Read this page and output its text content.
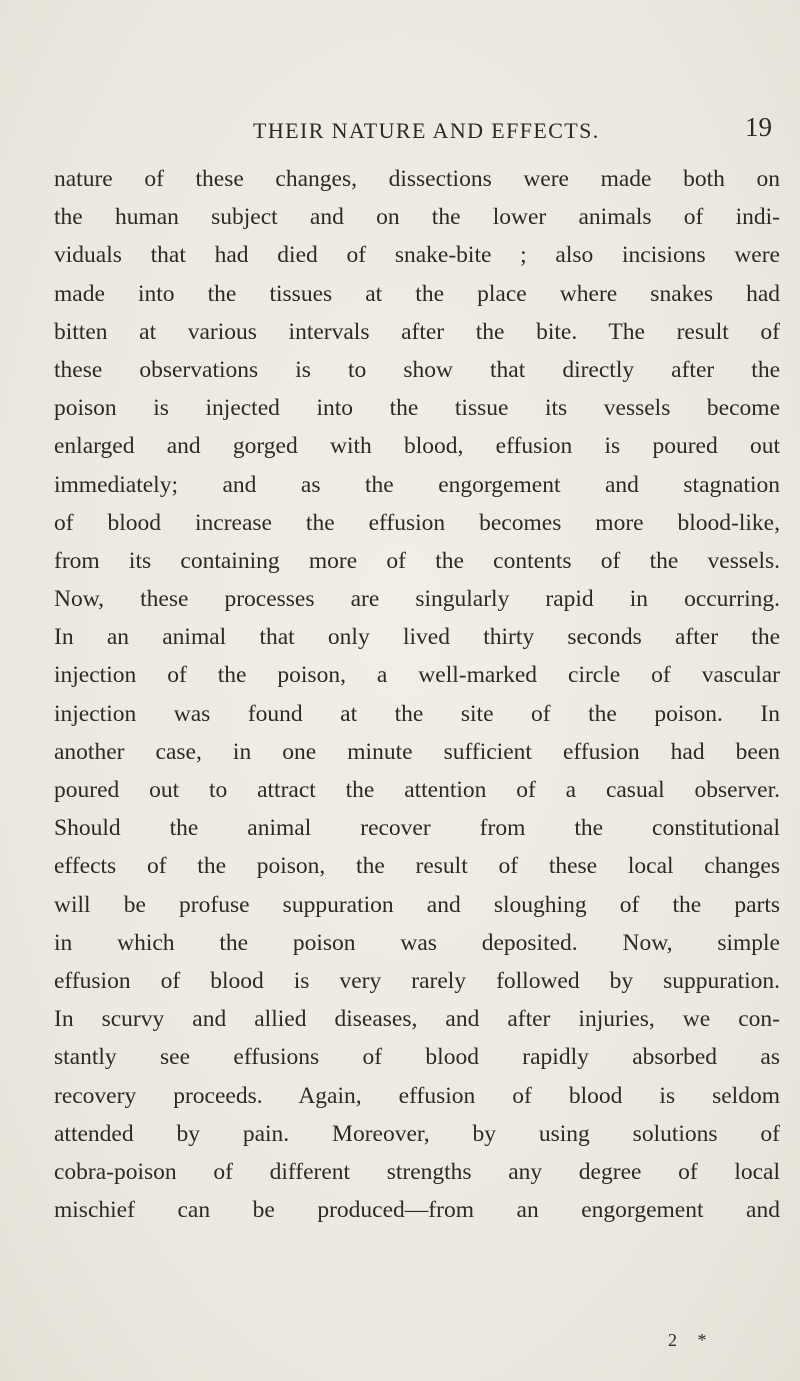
THEIR NATURE AND EFFECTS.	19
nature of these changes, dissections were made both on
the human subject and on the lower animals of indi-
viduals that had died of snake-bite ; also incisions were
made into the tissues at the place where snakes had
bitten at various intervals after the bite. The result of
these observations is to show that directly after the
poison is injected into the tissue its vessels become
enlarged and gorged with blood, effusion is poured out
immediately; and as the engorgement and stagnation
of blood increase the effusion becomes more blood-like,
from its containing more of the contents of the vessels.
Now, these processes are singularly rapid in occurring.
In an animal that only lived thirty seconds after the
injection of the poison, a well-marked circle of vascular
injection was found at the site of the poison. In
another case, in one minute sufficient effusion had been
poured out to attract the attention of a casual observer.
Should the animal recover from the constitutional
effects of the poison, the result of these local changes
will be profuse suppuration and sloughing of the parts
in which the poison was deposited. Now, simple
effusion of blood is very rarely followed by suppuration.
In scurvy and allied diseases, and after injuries, we con-
stantly see effusions of blood rapidly absorbed as
recovery proceeds. Again, effusion of blood is seldom
attended by pain. Moreover, by using solutions of
cobra-poison of different strengths any degree of local
mischief can be produced—from an engorgement and
2 *
